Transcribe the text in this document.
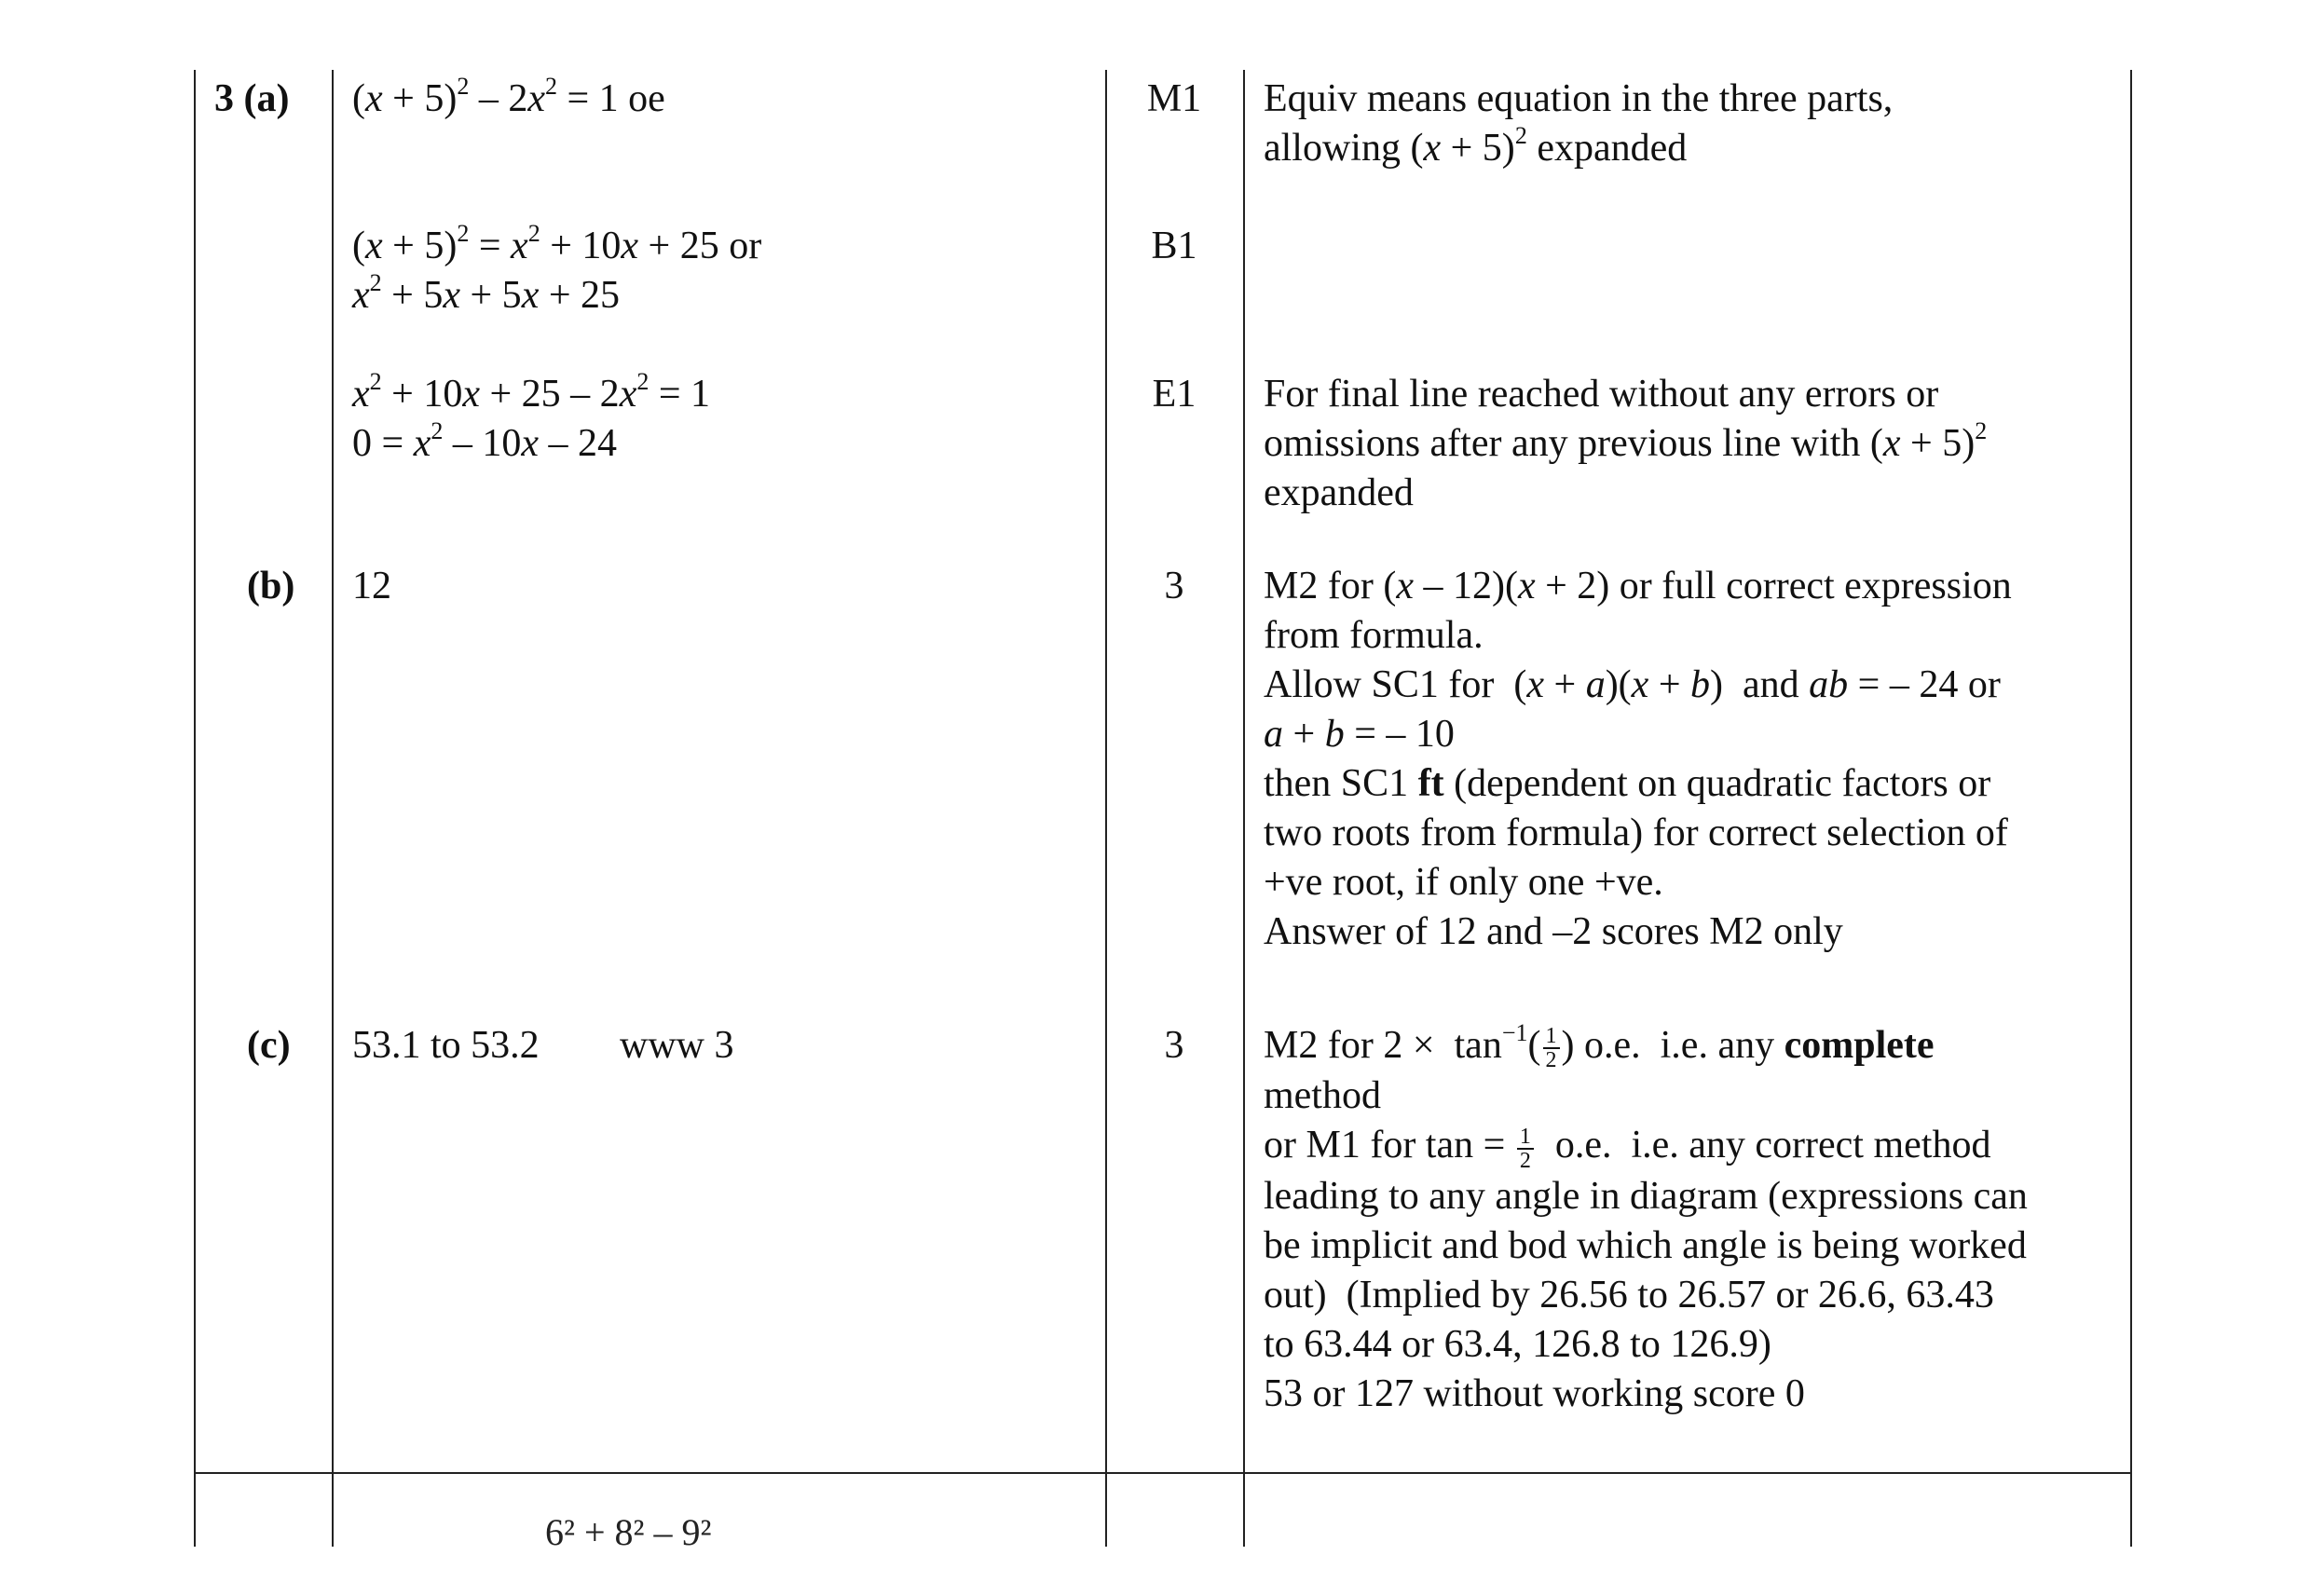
3 (a) $(x + 5)^2 - 2x^2 = 1$ oe	M1	Equiv means equation in the three parts,
allowing $(x + 5)^2$ expanded
$(x + 5)^2 = x^2 + 10x + 25$ or
$x^2 + 5x + 5x + 25$
B1
$x^2 + 10x + 25 - 2x^2 = 1$
$0 = x^2 - 10x - 24$
E1	For final line reached without any errors or
omissions after any previous line with $(x + 5)^2$
expanded
(b) 12	3	M2 for (x – 12)(x + 2) or full correct expression
from formula.
Allow SC1 for  (x + a)(x + b)  and ab = – 24 or
a + b = – 10
then SC1 ft (dependent on quadratic factors or
two roots from formula) for correct selection of
+ve root, if only one +ve.
Answer of 12 and –2 scores M2 only
(c) 53.1 to 53.2 www 3	3	M2 for $2 \times \tan^{-1}( \frac{1}{2}$ ) o.e.  i.e. any complete
method
or M1 for $\tan = \frac{1}{2} o.e$.  i.e. any correct method
leading to any angle in diagram (expressions can
be implicit and bod which angle is being worked
out)  (Implied by 26.56 to 26.57 or 26.6, 63.43
to 63.44 or 63.4, 126.8 to 126.9)
53 or 127 without working score 0
6² + 8² – 9²
